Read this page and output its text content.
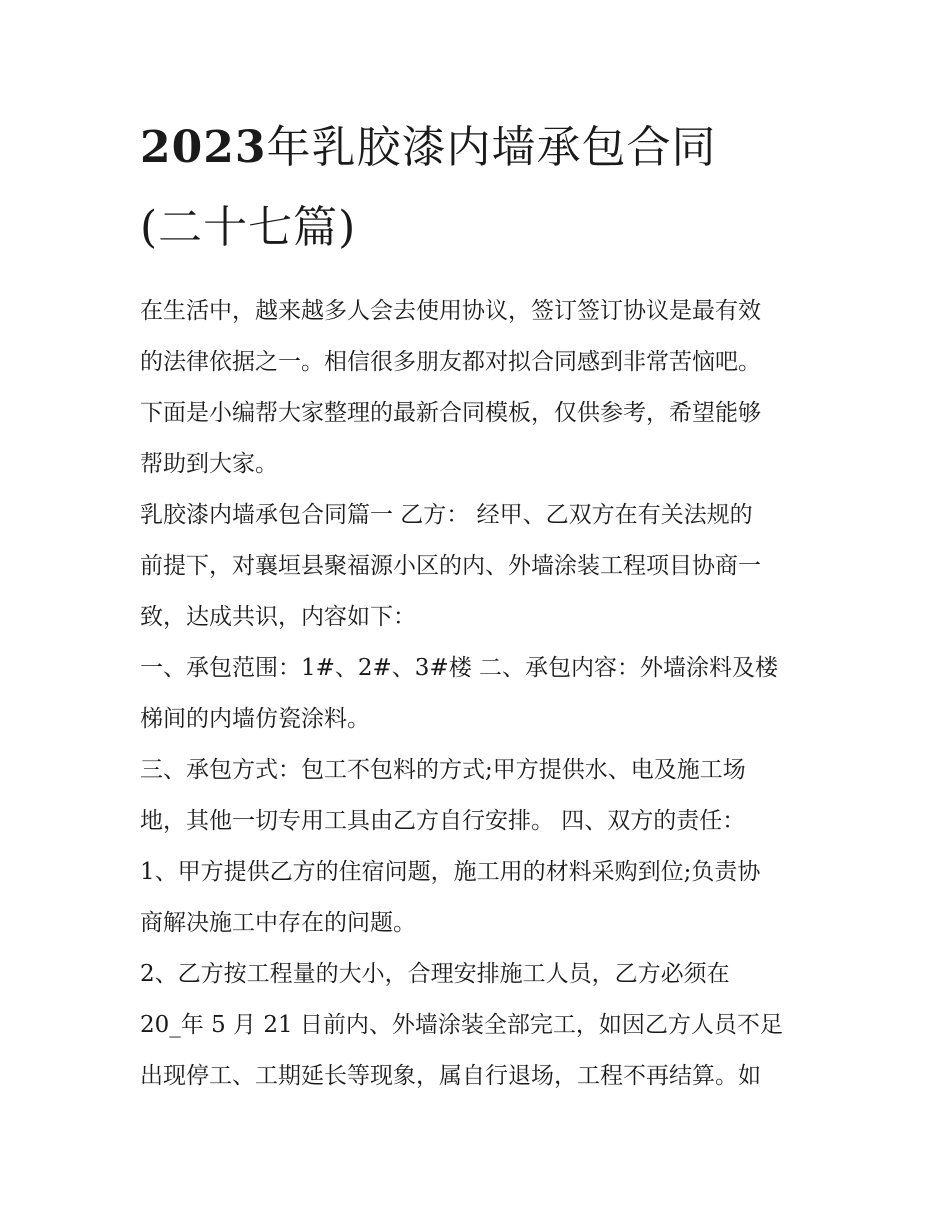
2023年乳胶漆内墙承包合同
(二十七篇)

在生活中，越来越多人会去使用协议，签订签订协议是最有效
的法律依据之一。相信很多朋友都对拟合同感到非常苦恼吧。
下面是小编帮大家整理的最新合同模板，仅供参考，希望能够
帮助到大家。

乳胶漆内墙承包合同篇一 乙方： 经甲、乙双方在有关法规的
前提下，对襄垣县聚福源小区的内、外墙涂装工程项目协商一
致，达成共识，内容如下：

一、承包范围：1#、2#、3#楼 二、承包内容：外墙涂料及楼
梯间的内墙仿瓷涂料。

三、承包方式：包工不包料的方式;甲方提供水、电及施工场
地，其他一切专用工具由乙方自行安排。 四、双方的责任：

1、甲方提供乙方的住宿问题，施工用的材料采购到位;负责协
商解决施工中存在的问题。

2、乙方按工程量的大小，合理安排施工人员，乙方必须在
20_年 5 月 21 日前内、外墙涂装全部完工，如因乙方人员不足
出现停工、工期延长等现象，属自行退场，工程不再结算。如
